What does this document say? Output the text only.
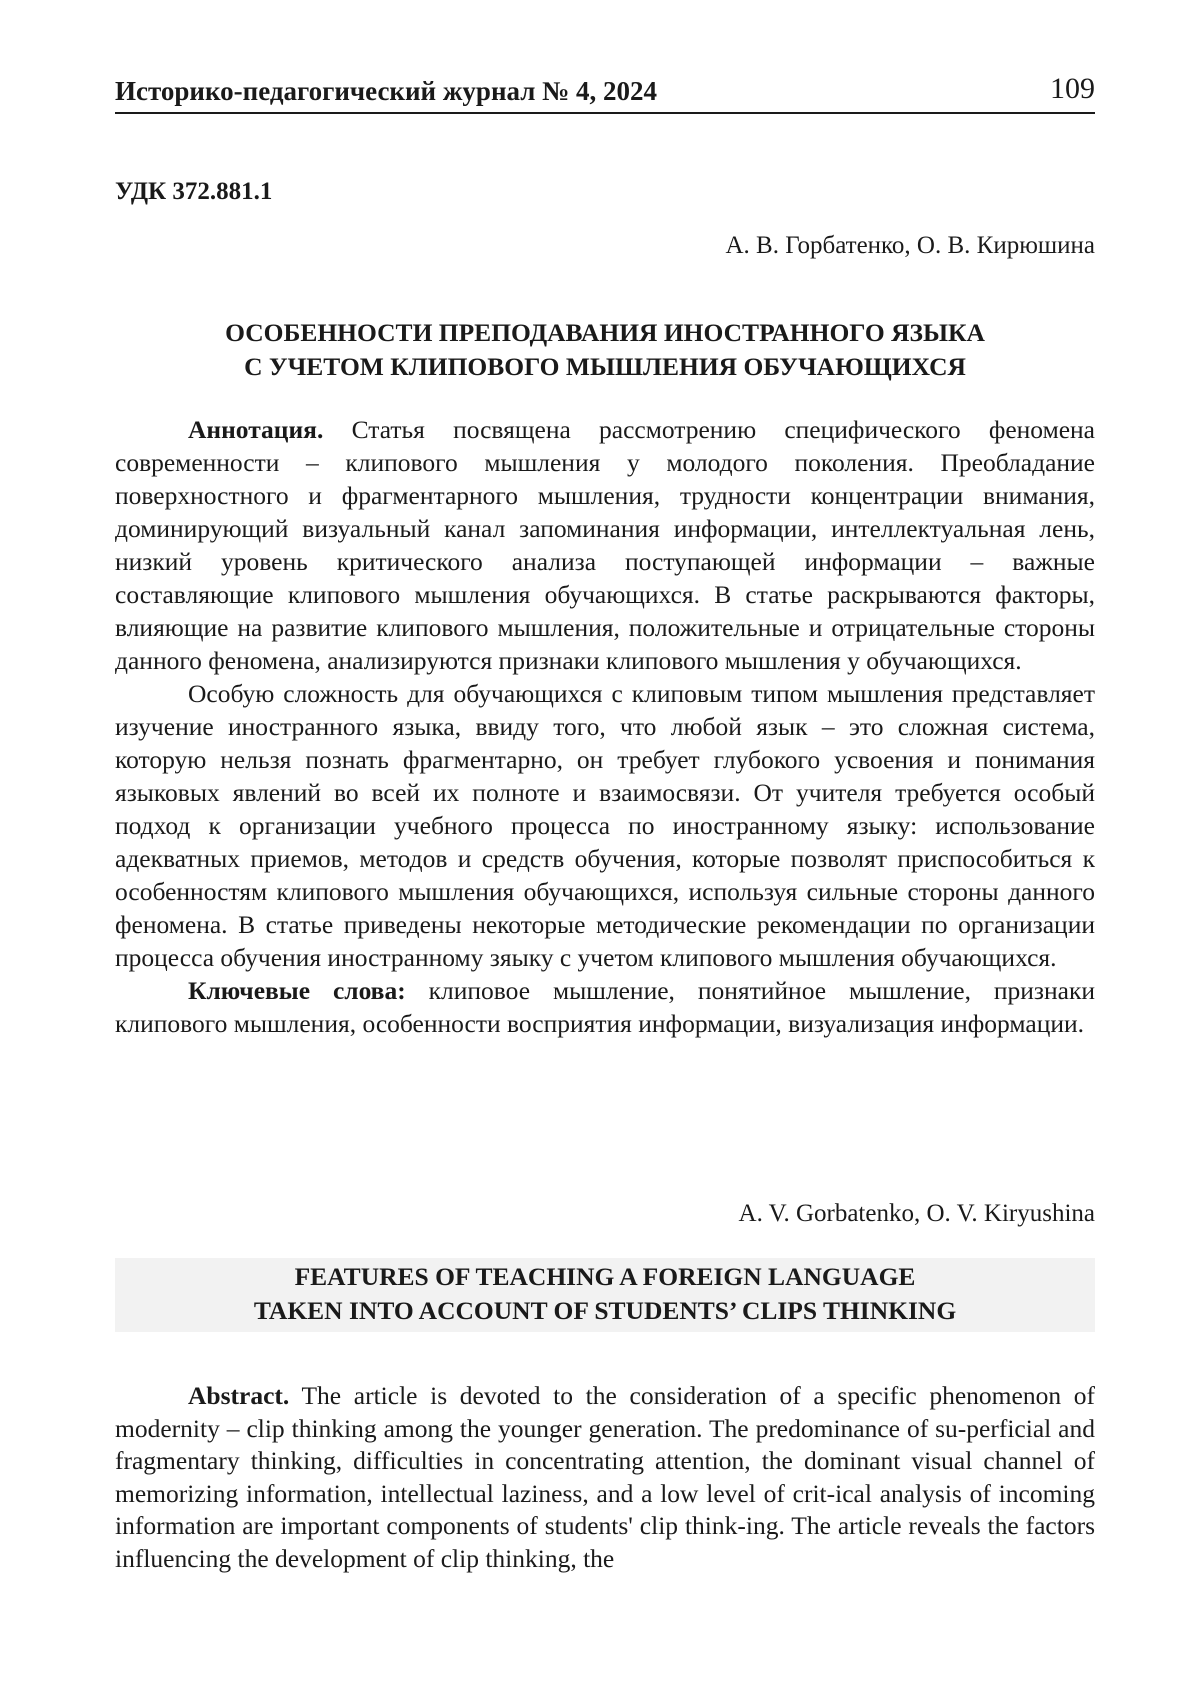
Историко-педагогический журнал № 4, 2024	109
УДК 372.881.1
А. В. Горбатенко, О. В. Кирюшина
ОСОБЕННОСТИ ПРЕПОДАВАНИЯ ИНОСТРАННОГО ЯЗЫКА
С УЧЕТОМ КЛИПОВОГО МЫШЛЕНИЯ ОБУЧАЮЩИХСЯ

Аннотация. Статья посвящена рассмотрению специфического феномена современности – клипового мышления у молодого поколения. Преобладание поверхностного и фрагментарного мышления, трудности концентрации внимания, доминирующий визуальный канал запоминания информации, интеллектуальная лень, низкий уровень критического анализа поступающей информации – важные составляющие клипового мышления обучающихся. В статье раскрываются факторы, влияющие на развитие клипового мышления, положительные и отрицательные стороны данного феномена, анализируются признаки клипового мышления у обучающихся.

Особую сложность для обучающихся с клиповым типом мышления представляет изучение иностранного языка, ввиду того, что любой язык – это сложная система, которую нельзя познать фрагментарно, он требует глубокого усвоения и понимания языковых явлений во всей их полноте и взаимосвязи. От учителя требуется особый подход к организации учебного процесса по иностранному языку: использование адекватных приемов, методов и средств обучения, которые позволят приспособиться к особенностям клипового мышления обучающихся, используя сильные стороны данного феномена. В статье приведены некоторые методические рекомендации по организации процесса обучения иностранному зяыку с учетом клипового мышления обучающихся.

Ключевые слова: клиповое мышление, понятийное мышление, признаки клипового мышления, особенности восприятия информации, визуализация информации.

A. V. Gorbatenko, O. V. Kiryushina
FEATURES OF TEACHING A FOREIGN LANGUAGE
TAKEN INTO ACCOUNT OF STUDENTS’ CLIPS THINKING

Abstract. The article is devoted to the consideration of a specific phenomenon of modernity – clip thinking among the younger generation. The predominance of su-perficial and fragmentary thinking, difficulties in concentrating attention, the dominant visual channel of memorizing information, intellectual laziness, and a low level of crit-ical analysis of incoming information are important components of students' clip think-ing. The article reveals the factors influencing the development of clip thinking, the
